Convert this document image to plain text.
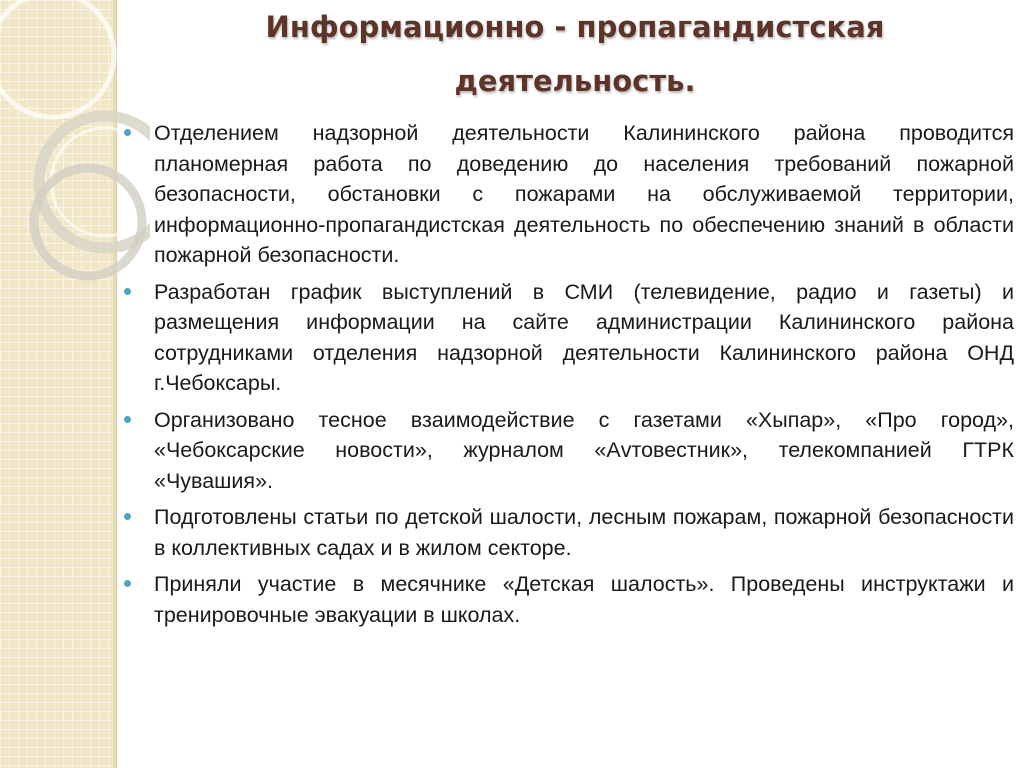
Информационно - пропагандистская деятельность.
Отделением надзорной деятельности Калининского района проводится планомерная работа по доведению до населения требований пожарной безопасности, обстановки с пожарами на обслуживаемой территории, информационно-пропагандистская деятельность по обеспечению знаний в области пожарной безопасности.
Разработан график выступлений в СМИ (телевидение, радио и газеты) и размещения информации на сайте администрации Калининского района сотрудниками отделения надзорной деятельности Калининского района ОНД г.Чебоксары.
Организовано тесное взаимодействие с газетами «Хыпар», «Про город», «Чебоксарские новости», журналом «Аvтовестник», телекомпанией ГТРК «Чувашия».
Подготовлены статьи по детской шалости, лесным пожарам, пожарной безопасности в коллективных садах и в жилом секторе.
Приняли участие в месячнике «Детская шалость». Проведены инструктажи и тренировочные эвакуации в школах.
